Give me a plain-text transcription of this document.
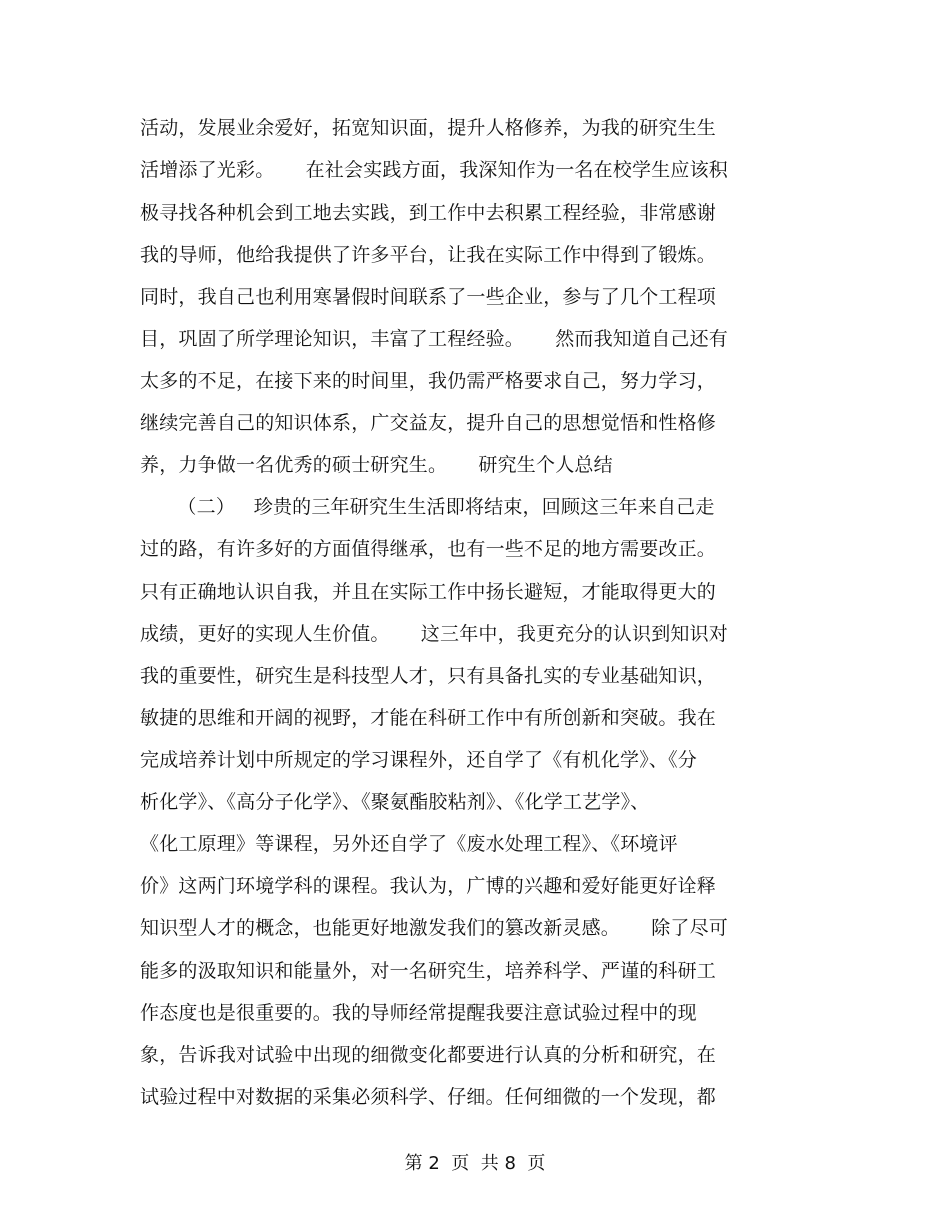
活动，发展业余爱好，拓宽知识面，提升人格修养，为我的研究生生
活增添了光彩。     在社会实践方面，我深知作为一名在校学生应该积
极寻找各种机会到工地去实践，到工作中去积累工程经验，非常感谢
我的导师，他给我提供了许多平台，让我在实际工作中得到了锻炼。
同时，我自己也利用寒暑假时间联系了一些企业，参与了几个工程项
目，巩固了所学理论知识，丰富了工程经验。     然而我知道自己还有
太多的不足，在接下来的时间里，我仍需严格要求自己，努力学习，
继续完善自己的知识体系，广交益友，提升自己的思想觉悟和性格修
养，力争做一名优秀的硕士研究生。     研究生个人总结
（二）   珍贵的三年研究生生活即将结束，回顾这三年来自己走
过的路，有许多好的方面值得继承，也有一些不足的地方需要改正。
只有正确地认识自我，并且在实际工作中扬长避短，才能取得更大的
成绩，更好的实现人生价值。     这三年中，我更充分的认识到知识对
我的重要性，研究生是科技型人才，只有具备扎实的专业基础知识，
敏捷的思维和开阔的视野，才能在科研工作中有所创新和突破。我在
完成培养计划中所规定的学习课程外，还自学了《有机化学》、《分
析化学》、《高分子化学》、《聚氨酯胶粘剂》、《化学工艺学》、
《化工原理》等课程，另外还自学了《废水处理工程》、《环境评
价》这两门环境学科的课程。我认为，广博的兴趣和爱好能更好诠释
知识型人才的概念，也能更好地激发我们的篡改新灵感。     除了尽可
能多的汲取知识和能量外，对一名研究生，培养科学、严谨的科研工
作态度也是很重要的。我的导师经常提醒我要注意试验过程中的现
象，告诉我对试验中出现的细微变化都要进行认真的分析和研究，在
试验过程中对数据的采集必须科学、仔细。任何细微的一个发现，都
第 2  页  共 8  页
